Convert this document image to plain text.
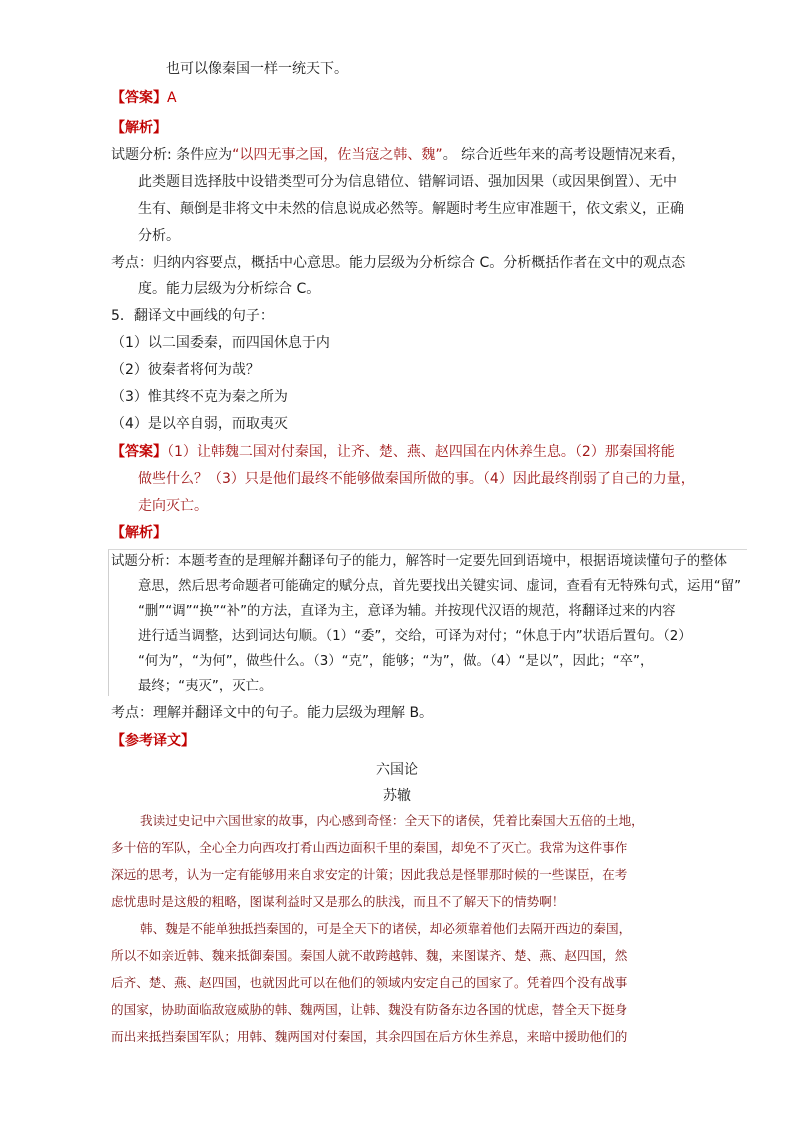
也可以像秦国一样一统天下。
【答案】A
【解析】
试题分析: 条件应为“以四无事之国，佐当寇之韩、魏”。 综合近些年来的高考设题情况来看，
此类题目选择肢中设错类型可分为信息错位、错解词语、强加因果（或因果倒置）、无中
生有、颠倒是非将文中未然的信息说成必然等。解题时考生应审准题干，依文索义，正确
分析。
考点：归纳内容要点，概括中心意思。能力层级为分析综合 C。分析概括作者在文中的观点态
度。能力层级为分析综合 C。
5．翻译文中画线的句子：
（1）以二国委秦，而四国休息于内
（2）彼秦者将何为哉？
（3）惟其终不克为秦之所为
（4）是以卒自弱，而取夷灭
【答案】（1）让韩魏二国对付秦国，让齐、楚、燕、赵四国在内休养生息。（2）那秦国将能
做些什么？（3）只是他们最终不能够做秦国所做的事。（4）因此最终削弱了自己的力量，
走向灭亡。
【解析】
试题分析：本题考查的是理解并翻译句子的能力，解答时一定要先回到语境中，根据语境读懂句子的整体
意思，然后思考命题者可能确定的赋分点，首先要找出关键实词、虚词，查看有无特殊句式，运用“留”
“删”“调”“换”“补”的方法，直译为主，意译为辅。并按现代汉语的规范，将翻译过来的内容
进行适当调整，达到词达句顺。（1）“委”，交给，可译为对付；“休息于内”状语后置句。（2）
“何为”，“为何”，做些什么。（3）“克”，能够；“为”，做。（4）“是以”，因此；“卒”，
最终；“夷灭”，灭亡。
考点：理解并翻译文中的句子。能力层级为理解 B。
【参考译文】
六国论
苏辙
我读过史记中六国世家的故事，内心感到奇怪：全天下的诸侯，凭着比秦国大五倍的土地，
多十倍的军队，全心全力向西攻打肴山西边面积千里的秦国，却免不了灭亡。我常为这件事作
深远的思考，认为一定有能够用来自求安定的计策；因此我总是怪罪那时候的一些谋臣，在考
虑忧患时是这般的粗略，图谋利益时又是那么的肤浅，而且不了解天下的情势啊！
韩、魏是不能单独抵挡秦国的，可是全天下的诸侯，却必须靠着他们去隔开西边的秦国，
所以不如亲近韩、魏来抵御秦国。秦国人就不敢跨越韩、魏，来图谋齐、楚、燕、赵四国，然
后齐、楚、燕、赵四国，也就因此可以在他们的领域内安定自己的国家了。凭着四个没有战事
的国家，协助面临敌寇威胁的韩、魏两国，让韩、魏没有防备东边各国的忧虑，替全天下挺身
而出来抵挡秦国军队；用韩、魏两国对付秦国，其余四国在后方休生养息，来暗中援助他们的
